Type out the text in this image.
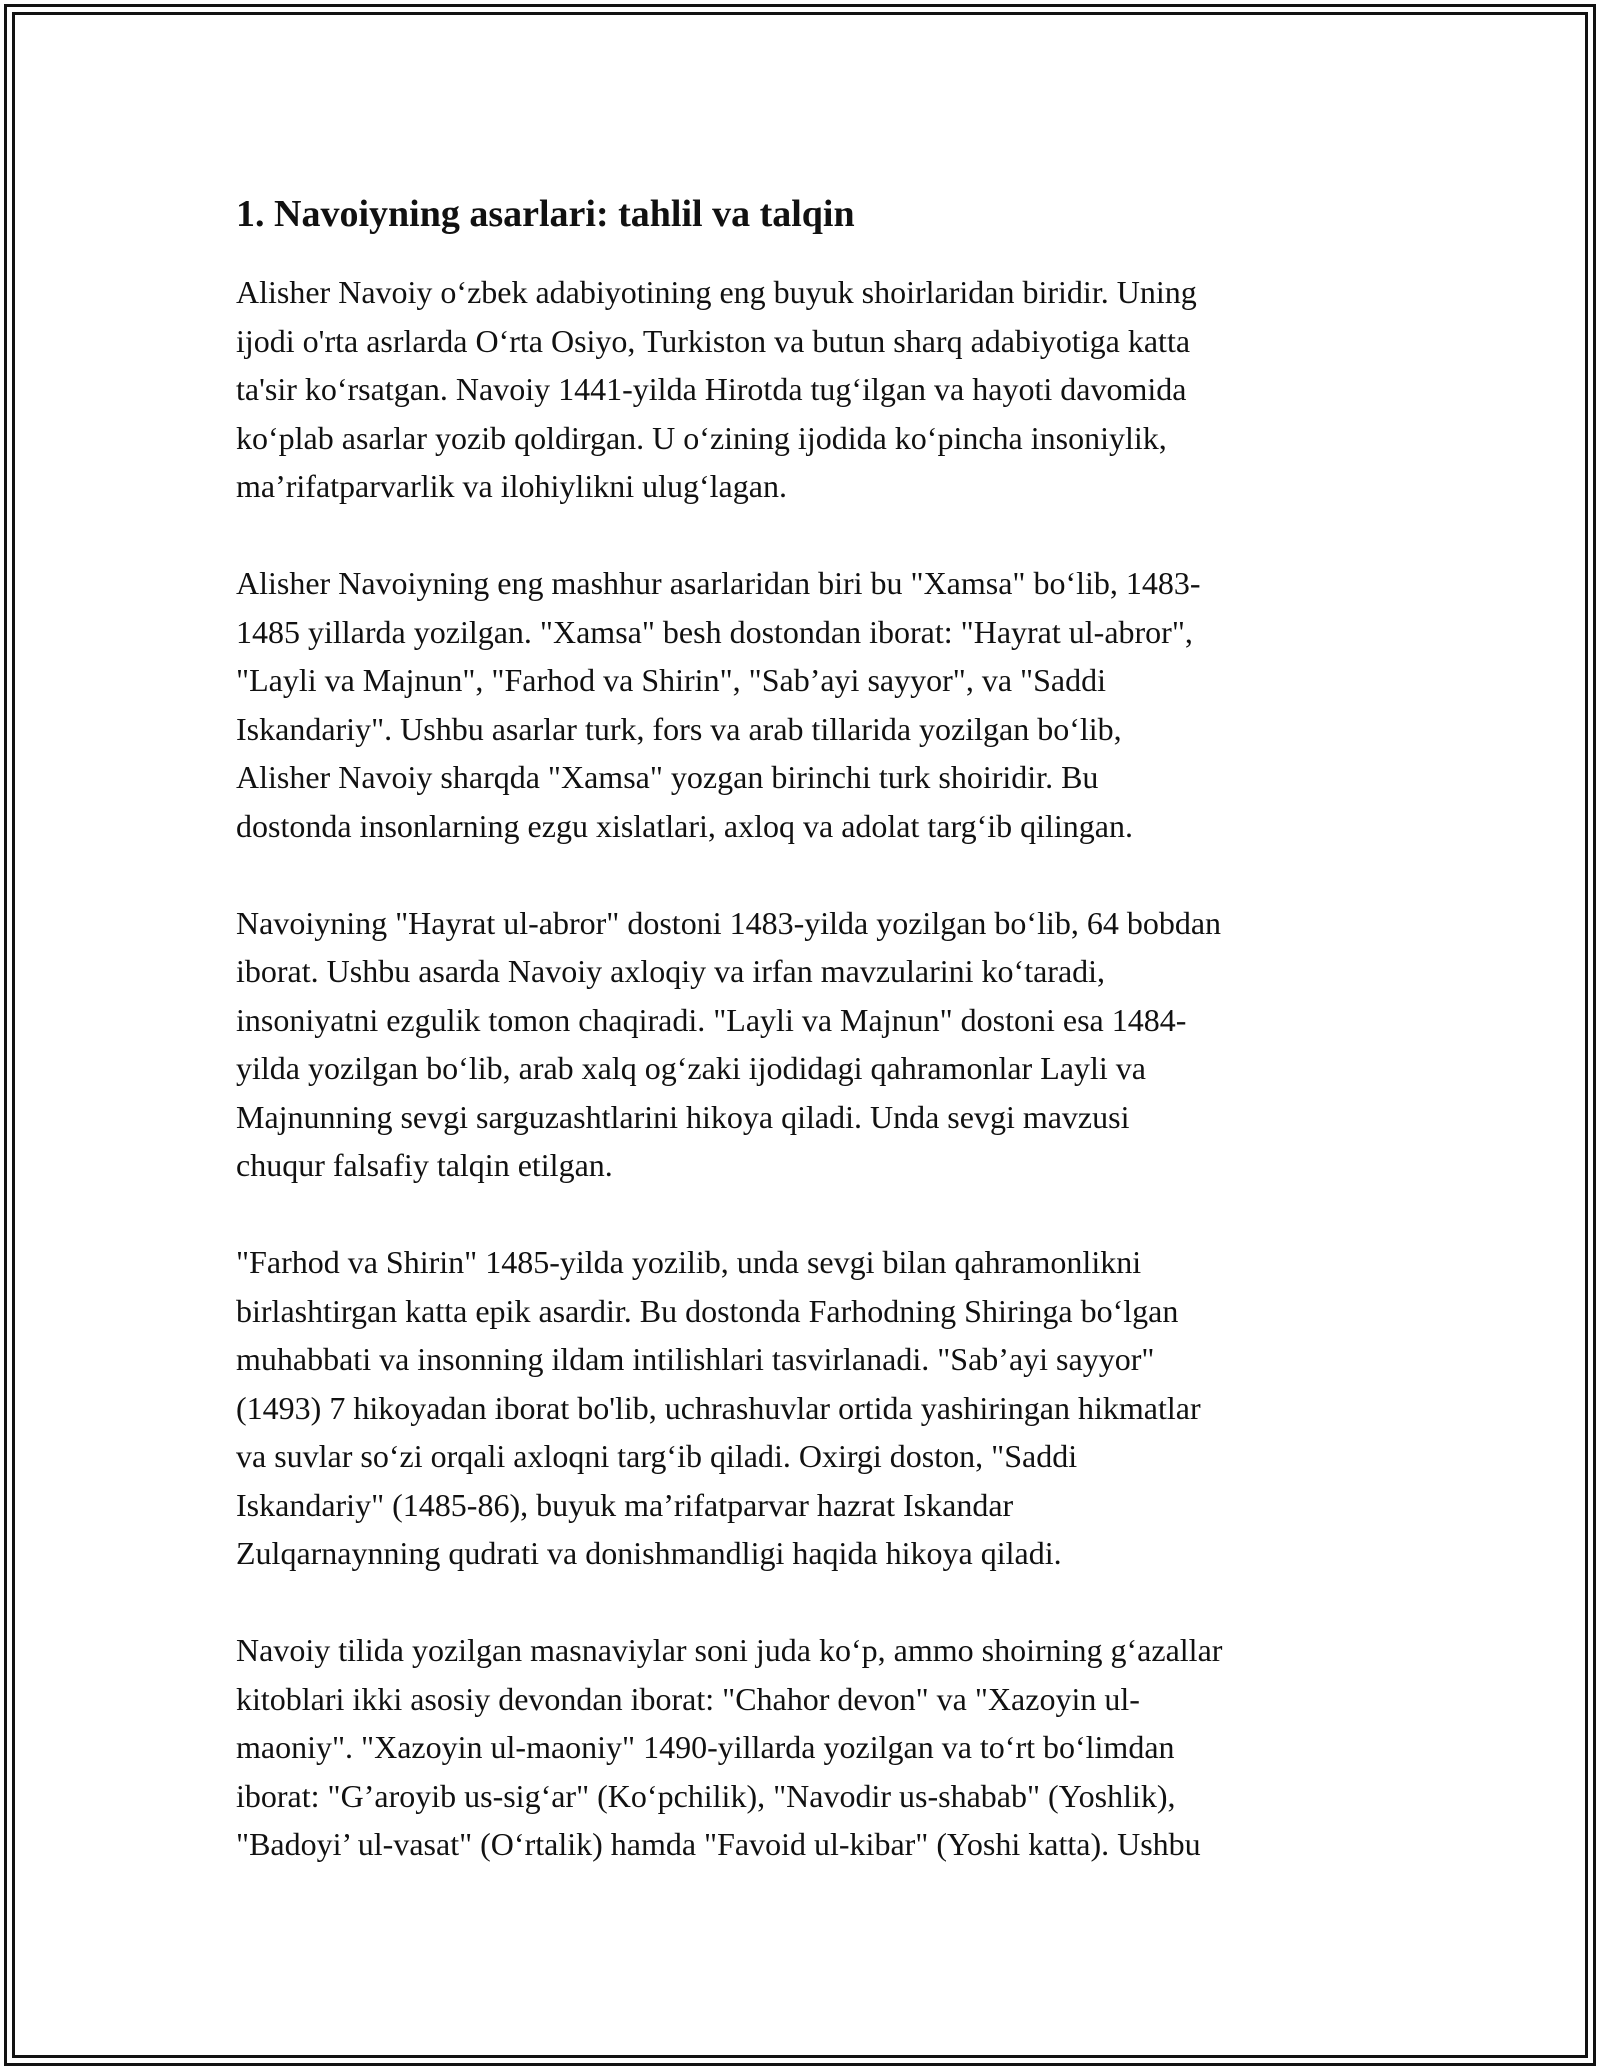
1. Navoiyning asarlari: tahlil va talqin

Alisher Navoiy o‘zbek adabiyotining eng buyuk shoirlaridan biridir. Uning
ijodi o'rta asrlarda O‘rta Osiyo, Turkiston va butun sharq adabiyotiga katta
ta'sir ko‘rsatgan. Navoiy 1441-yilda Hirotda tug‘ilgan va hayoti davomida
ko‘plab asarlar yozib qoldirgan. U o‘zining ijodida ko‘pincha insoniylik,
ma’rifatparvarlik va ilohiylikni ulug‘lagan.

Alisher Navoiyning eng mashhur asarlaridan biri bu "Xamsa" bo‘lib, 1483-
1485 yillarda yozilgan. "Xamsa" besh dostondan iborat: "Hayrat ul-abror",
"Layli va Majnun", "Farhod va Shirin", "Sab’ayi sayyor", va "Saddi
Iskandariy". Ushbu asarlar turk, fors va arab tillarida yozilgan bo‘lib,
Alisher Navoiy sharqda "Xamsa" yozgan birinchi turk shoiridir. Bu
dostonda insonlarning ezgu xislatlari, axloq va adolat targ‘ib qilingan.

Navoiyning "Hayrat ul-abror" dostoni 1483-yilda yozilgan bo‘lib, 64 bobdan
iborat. Ushbu asarda Navoiy axloqiy va irfan mavzularini ko‘taradi,
insoniyatni ezgulik tomon chaqiradi. "Layli va Majnun" dostoni esa 1484-
yilda yozilgan bo‘lib, arab xalq og‘zaki ijodidagi qahramonlar Layli va
Majnunning sevgi sarguzashtlarini hikoya qiladi. Unda sevgi mavzusi
chuqur falsafiy talqin etilgan.

"Farhod va Shirin" 1485-yilda yozilib, unda sevgi bilan qahramonlikni
birlashtirgan katta epik asardir. Bu dostonda Farhodning Shiringa bo‘lgan
muhabbati va insonning ildam intilishlari tasvirlanadi. "Sab’ayi sayyor"
(1493) 7 hikoyadan iborat bo'lib, uchrashuvlar ortida yashiringan hikmatlar
va suvlar so‘zi orqali axloqni targ‘ib qiladi. Oxirgi doston, "Saddi
Iskandariy" (1485-86), buyuk ma’rifatparvar hazrat Iskandar
Zulqarnaynning qudrati va donishmandligi haqida hikoya qiladi.

Navoiy tilida yozilgan masnaviylar soni juda ko‘p, ammo shoirning g‘azallar
kitoblari ikki asosiy devondan iborat: "Chahor devon" va "Xazoyin ul-
maoniy". "Xazoyin ul-maoniy" 1490-yillarda yozilgan va to‘rt bo‘limdan
iborat: "G’aroyib us-sig‘ar" (Ko‘pchilik), "Navodir us-shabab" (Yoshlik),
"Badoyi’ ul-vasat" (O‘rtalik) hamda "Favoid ul-kibar" (Yoshi katta). Ushbu
